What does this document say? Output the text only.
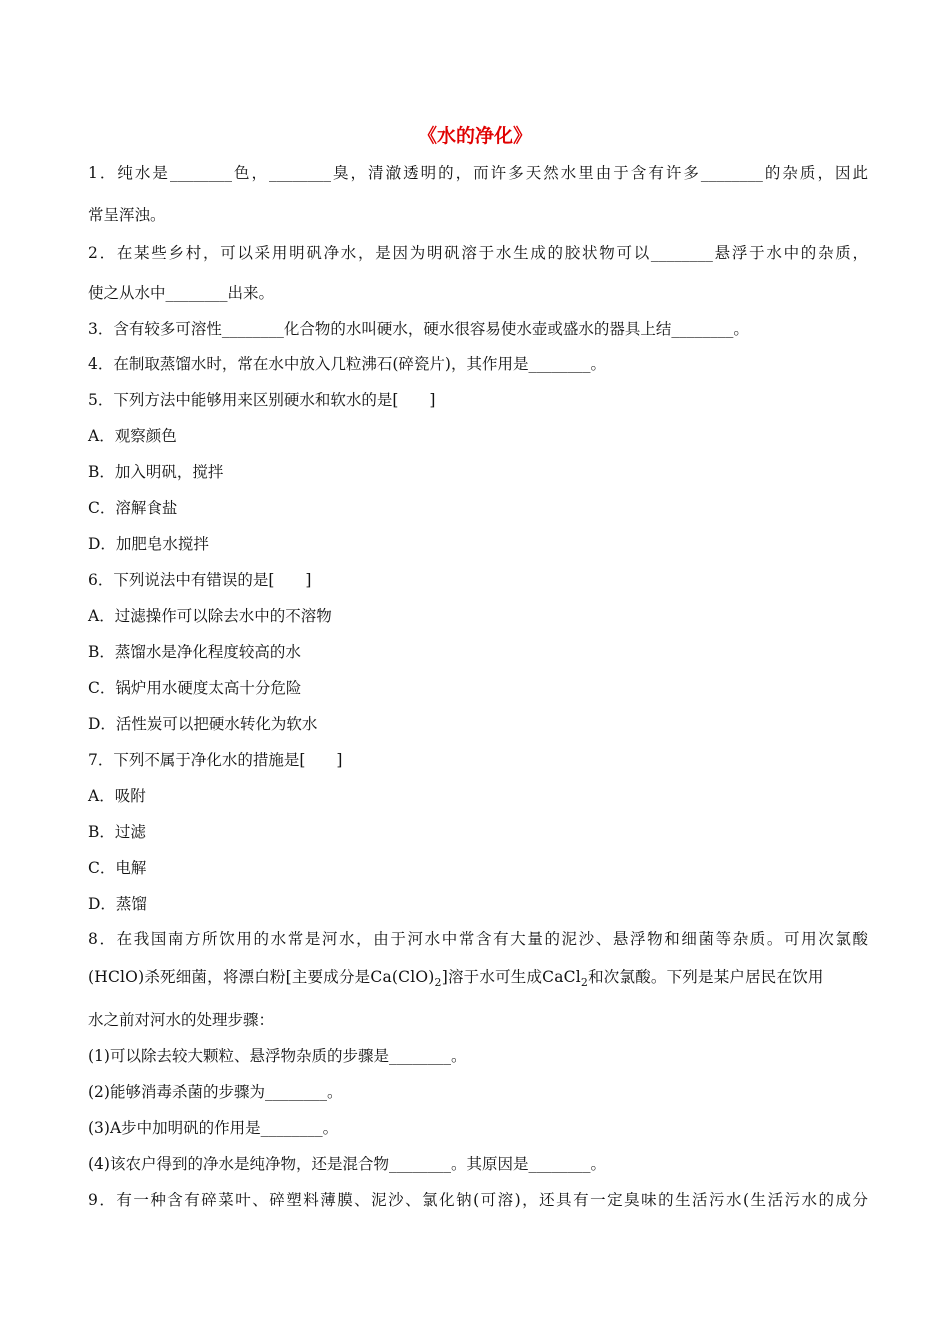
《水的净化》
1．纯水是________色，________臭，清澈透明的，而许多天然水里由于含有许多________的杂质，因此
常呈浑浊。
2．在某些乡村，可以采用明矾净水，是因为明矾溶于水生成的胶状物可以________悬浮于水中的杂质，
使之从水中________出来。
3．含有较多可溶性________化合物的水叫硬水，硬水很容易使水壶或盛水的器具上结________。
4．在制取蒸馏水时，常在水中放入几粒沸石(碎瓷片)，其作用是________。
5．下列方法中能够用来区别硬水和软水的是[　　]
A．观察颜色
B．加入明矾，搅拌
C．溶解食盐
D．加肥皂水搅拌
6．下列说法中有错误的是[　　]
A．过滤操作可以除去水中的不溶物
B．蒸馏水是净化程度较高的水
C．锅炉用水硬度太高十分危险
D．活性炭可以把硬水转化为软水
7．下列不属于净化水的措施是[　　]
A．吸附
B．过滤
C．电解
D．蒸馏
8．在我国南方所饮用的水常是河水，由于河水中常含有大量的泥沙、悬浮物和细菌等杂质。可用次氯酸
(HClO)杀死细菌，将漂白粉[主要成分是$Ca(ClO)_2$]溶于水可生成CaCl$_2$和次氯酸。下列是某户居民在饮用
水之前对河水的处理步骤：
(1)可以除去较大颗粒、悬浮物杂质的步骤是________。
(2)能够消毒杀菌的步骤为________。
(3)A步中加明矾的作用是________。
(4)该农户得到的净水是纯净物，还是混合物________。其原因是________。
9．有一种含有碎菜叶、碎塑料薄膜、泥沙、氯化钠(可溶)，还具有一定臭味的生活污水(生活污水的成分
